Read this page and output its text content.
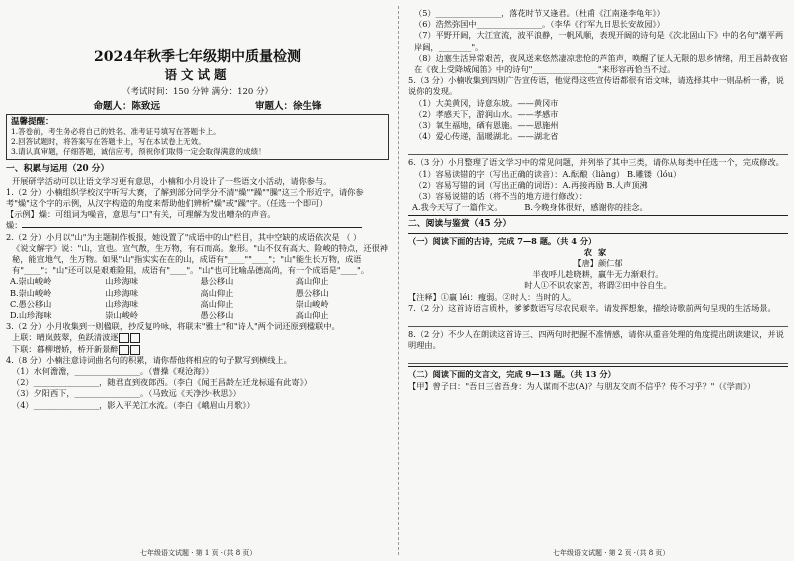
2024年秋季七年级期中质量检测
语文试题
（考试时间：150 分钟 满分：120 分）
命题人：陈致远	审题人：徐生锋
温馨提醒：
1.答卷前，考生务必将自己的姓名、准考证号填写在答题卡上。
2.回答试题时，将答案写在答题卡上，写在本试卷上无效。
3.请认真审题，仔细答题，诚信应考，预祝你们取得一定会取得满意的成绩！
一、积累与运用（20 分）

开展研学活动可以让语文学习更有意思，小楠和小月设计了一些语文小活动，请你参与。

1.（2 分）小楠组织学校汉字听写大赛，了解到部分同学分不清"燥""躁""臊"这三个形近字，请你参考"燥"这个字的示例，从汉字构造的角度来帮助他们辨析"燥"或"躁"字。（任选一个即可）

【示例】燥：可组词为噪音，意思与"口"有关，可理解为发出嘈杂的声音。

燥：

2.（2 分）小月以"山"为主题制作板报，她设置了"成语中的山"栏目，其中空缺的成语依次是 （ ）

《说文解字》说："山，宣也。宣气散，生万物，有石而高。象形。"山不仅有高大、险峻的特点，还很神秘，能宣地气，生万物。如果"山"指实实在在的山，成语有"____""____"；"山"能生长万物，成语有"____"；"山"还可以是艰难险阻，成语有"____"。"山"也可比喻品德高尚，有一个成语是"____"。

A.崇山峻岭	山珍海味	悬公移山	高山仰止
B.崇山峻岭	山珍海味	高山仰止	愚公移山
C.愚公移山	山珍海味	高山仰止	崇山峻岭
D.山珍海味	崇山峻岭	愚公移山	高山仰止

3.（2 分）小月收集到一则楹联，抄反复吟咏，将联末"雅士"和"诗人"两个词还原到楹联中。

上联：晴岚鼓翠，鱼跃清波逐

下联：暮柳增娇，桥开新景醉

4.（8 分）小楠注意诗词曲名句的积累，请你帮他将相应的句子默写到横线上。

（1）水何澹澹，________________。（曹操《观沧海》）

（2）________________，随君直到夜郎西。（李白《闻王昌龄左迁龙标遥有此寄》）

（3）夕阳西下，________________。（马致远《天净沙·秋思》）

（4）________________，影入平羌江水流。（李白《峨眉山月歌》）

（5）________________，落花时节又逢君。（杜甫《江南逢李龟年》）

（6）浩然弥国中________________。（李华《行军九日思长安故园》）

（7）平野开阔，大江宣流，波平浪静，一帆风顺，表现开阔的诗句是《次北固山下》中的名句"潮平两岸阔，________"。

（8）边塞生活异常艰苦，夜风送来悠然凄凉悲怆的芦笛声，唤醒了征人无限的思乡情绪，用王昌龄夜宿在《夜上受降城闻笛》中的诗句"________________"来形容再恰当不过。

5.（3 分）小楠收集到四则广告宣传语，他觉得这些宣传语都很有语文味，请选择其中一则品析一番，说说你的发现。

（1）大美黄冈，诗意东坡。——黄冈市

（2）孝感天下，游润山水。——孝感市

（3）氧生福地，硒有恩施。——恩施州

（4）爱心传递，温暖湖北。——湖北省

6.（3 分）小月整理了语文学习中的常见问题，并列举了其中三类，请你从每类中任选一个，完成修改。

（1）容易读错的字（写出正确的读音）：A.酝酿（liàng） B.雕镂（lóu）

（2）容易写错的词（写出正确的词语）：A.再接再励 B.人声顶沸

（3）容易说错的话（将不当的地方进行修改）：

A.我今天写了一篇作文。	B.今晚身体很好，感谢你的挂念。
二、阅读与鉴赏（45 分）

（一）阅读下面的古诗，完成 7—8 题。（共 4 分）

农家
【唐】颜仁郁
半夜呼儿趁晓耕，羸牛无力渐艰行。
时人①不识农家苦，将谓②田中谷自生。

【注释】①羸 léi：瘦弱。②时人：当时的人。

7.（2 分）这首诗语言质朴，爹爹数语写尽农民艰辛。请发挥想象，描绘诗歌前两句呈现的生活场景。

8.（2 分）不少人在朗读这首诗三、四两句时把握不准情感，请你从重音处理的角度提出朗读建议，并说明理由。

（二）阅读下面的文言文，完成 9—13 题。（共 13 分）

【甲】曾子曰："吾日三省吾身：为人谋而不忠(A)？与朋友交而不信乎？传不习乎？"（《学而》）

七年级语文试题 · 第 1 页 ·（共 8 页）	七年级语文试题 · 第 2 页 ·（共 8 页）
